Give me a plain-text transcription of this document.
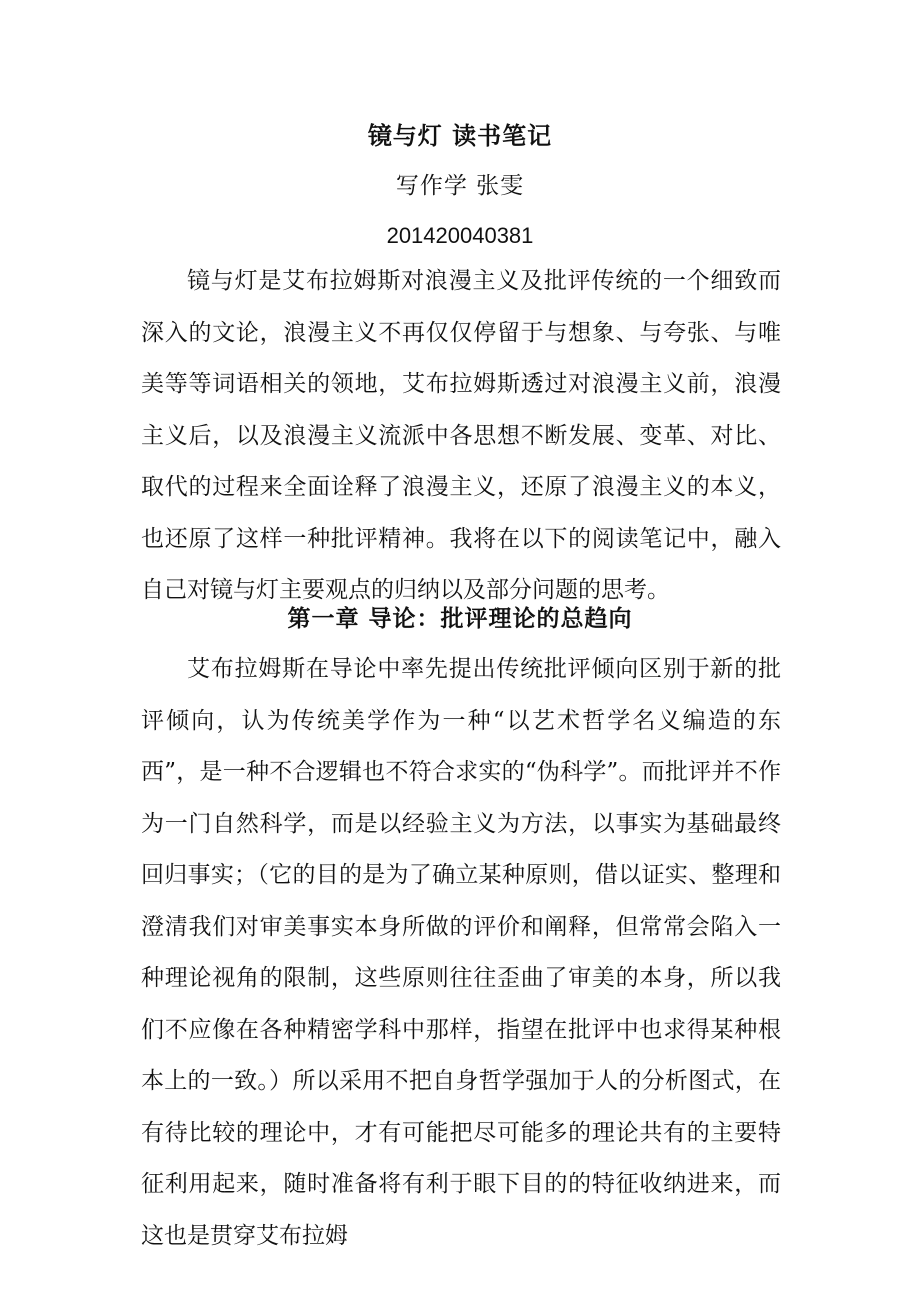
镜与灯 读书笔记
写作学 张雯
201420040381

镜与灯是艾布拉姆斯对浪漫主义及批评传统的一个细致而深入的文论，浪漫主义不再仅仅停留于与想象、与夸张、与唯美等等词语相关的领地，艾布拉姆斯透过对浪漫主义前，浪漫主义后，以及浪漫主义流派中各思想不断发展、变革、对比、取代的过程来全面诠释了浪漫主义，还原了浪漫主义的本义，也还原了这样一种批评精神。我将在以下的阅读笔记中，融入自己对镜与灯主要观点的归纳以及部分问题的思考。

第一章 导论：批评理论的总趋向

艾布拉姆斯在导论中率先提出传统批评倾向区别于新的批评倾向，认为传统美学作为一种“以艺术哲学名义编造的东西”，是一种不合逻辑也不符合求实的“伪科学”。而批评并不作为一门自然科学，而是以经验主义为方法，以事实为基础最终回归事实；（它的目的是为了确立某种原则，借以证实、整理和澄清我们对审美事实本身所做的评价和阐释，但常常会陷入一种理论视角的限制，这些原则往往歪曲了审美的本身，所以我们不应像在各种精密学科中那样，指望在批评中也求得某种根本上的一致。）所以采用不把自身哲学强加于人的分析图式，在有待比较的理论中，才有可能把尽可能多的理论共有的主要特征利用起来，随时准备将有利于眼下目的的特征收纳进来，而这也是贯穿艾布拉姆
